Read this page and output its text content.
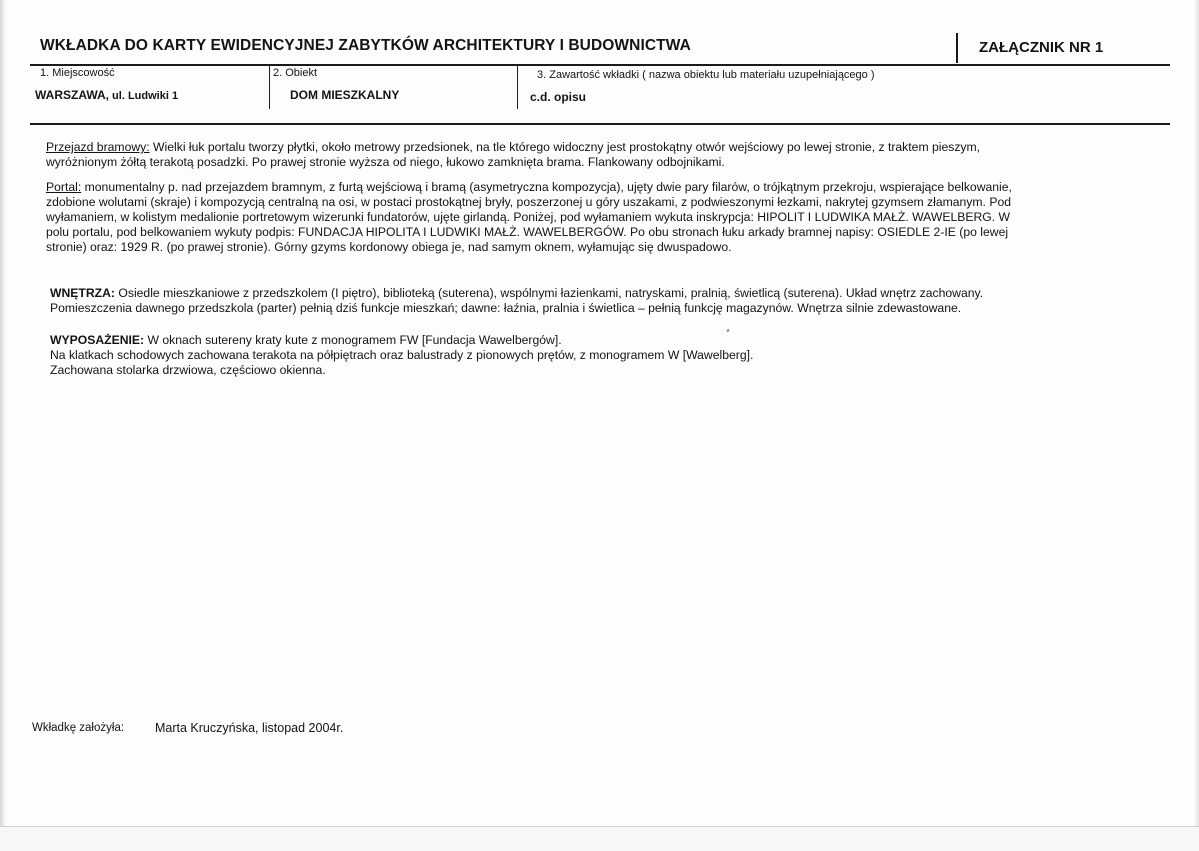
WKŁADKA DO KARTY EWIDENCYJNEJ ZABYTKÓW ARCHITEKTURY I BUDOWNICTWA	ZAŁĄCZNIK NR 1
1. Miejscowość
WARSZAWA, ul. Ludwiki 1
2. Obiekt
DOM MIESZKALNY
3. Zawartość wkładki ( nazwa obiektu lub materiału uzupełniającego )
c.d. opisu
Przejazd bramowy: Wielki łuk portalu tworzy płytki, około metrowy przedsionek, na tle którego widoczny jest prostokątny otwór wejściowy po lewej stronie, z traktem pieszym,
wyróżnionym żółtą terakotą posadzki. Po prawej stronie wyższa od niego, łukowo zamknięta brama. Flankowany odbojnikami.
Portal: monumentalny p. nad przejazdem bramnym, z furtą wejściową i bramą (asymetryczna kompozycja), ujęty dwie pary filarów, o trójkątnym przekroju, wspierające belkowanie,
zdobione wolutami (skraje) i kompozycją centralną na osi, w postaci prostokątnej bryły, poszerzonej u góry uszakami, z podwieszonymi łezkami, nakrytej gzymsem złamanym. Pod
wyłamaniem, w kolistym medalionie portretowym wizerunki fundatorów, ujęte girlandą. Poniżej, pod wyłamaniem wykuta inskrypcja: HIPOLIT I LUDWIKA MAŁŻ. WAWELBERG. W
polu portalu, pod belkowaniem wykuty podpis: FUNDACJA HIPOLITA I LUDWIKI MAŁŻ. WAWELBERGÓW. Po obu stronach łuku arkady bramnej napisy: OSIEDLE 2-IE (po lewej
stronie) oraz: 1929 R. (po prawej stronie). Górny gzyms kordonowy obiega je, nad samym oknem, wyłamując się dwuspadowo.
WNĘTRZA: Osiedle mieszkaniowe z przedszkolem (I piętro), biblioteką (suterena), wspólnymi łazienkami, natryskami, pralnią, świetlicą (suterena). Układ wnętrz zachowany.
Pomieszczenia dawnego przedszkola (parter) pełnią dziś funkcje mieszkań; dawne: łaźnia, pralnia i świetlica – pełnią funkcję magazynów. Wnętrza silnie zdewastowane.
WYPOSAŻENIE: W oknach sutereny kraty kute z monogramem FW [Fundacja Wawelbergów].
Na klatkach schodowych zachowana terakota na półpiętrach oraz balustrady z pionowych prętów, z monogramem W [Wawelberg].
Zachowana stolarka drzwiowa, częściowo okienna.
Wkładkę założyła: Marta Kruczyńska, listopad 2004r.
